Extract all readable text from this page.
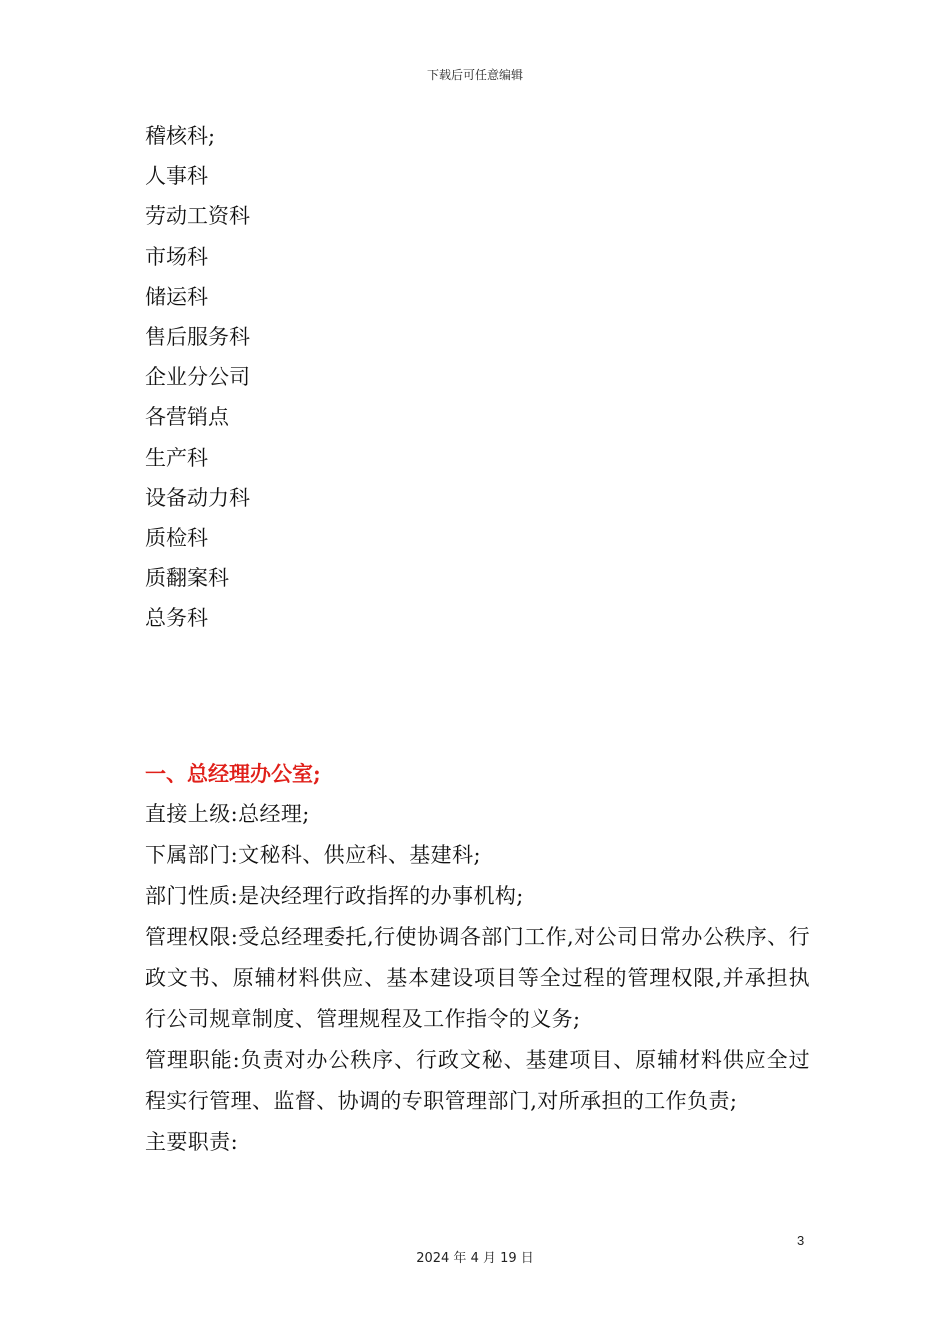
下载后可任意编辑
稽核科;
人事科
劳动工资科
市场科
储运科
售后服务科
企业分公司
各营销点
生产科
设备动力科
质检科
质翻案科
总务科
一、总经理办公室;

直接上级:总经理;

下属部门:文秘科、供应科、基建科;

部门性质:是决经理行政指挥的办事机构;

管理权限:受总经理委托,行使协调各部门工作,对公司日常办公秩序、行政文书、原辅材料供应、基本建设项目等全过程的管理权限,并承担执行公司规章制度、管理规程及工作指令的义务;

管理职能:负责对办公秩序、行政文秘、基建项目、原辅材料供应全过程实行管理、监督、协调的专职管理部门,对所承担的工作负责;

主要职责:

3
2024 年 4 月 19 日
